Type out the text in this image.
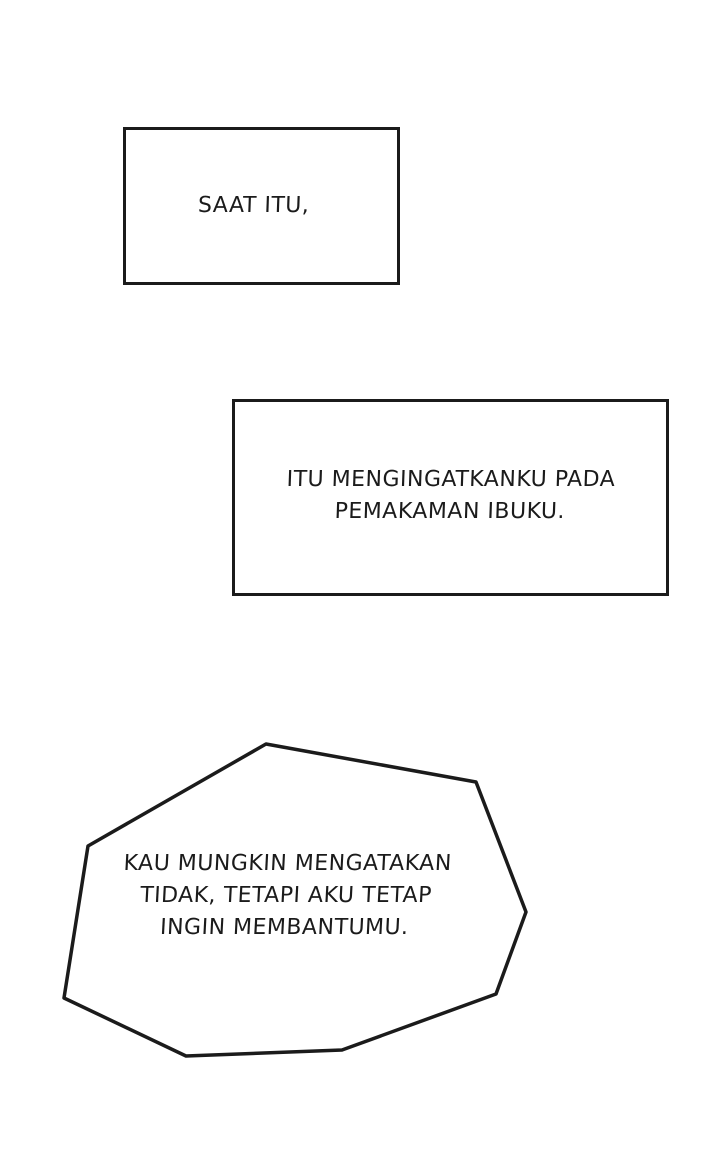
SAAT ITU,
ITU MENGINGATKANKU PADA
PEMAKAMAN IBUKU.
KAU MUNGKIN MENGATAKAN
TIDAK, TETAPI AKU TETAP
INGIN MEMBANTUMU.
